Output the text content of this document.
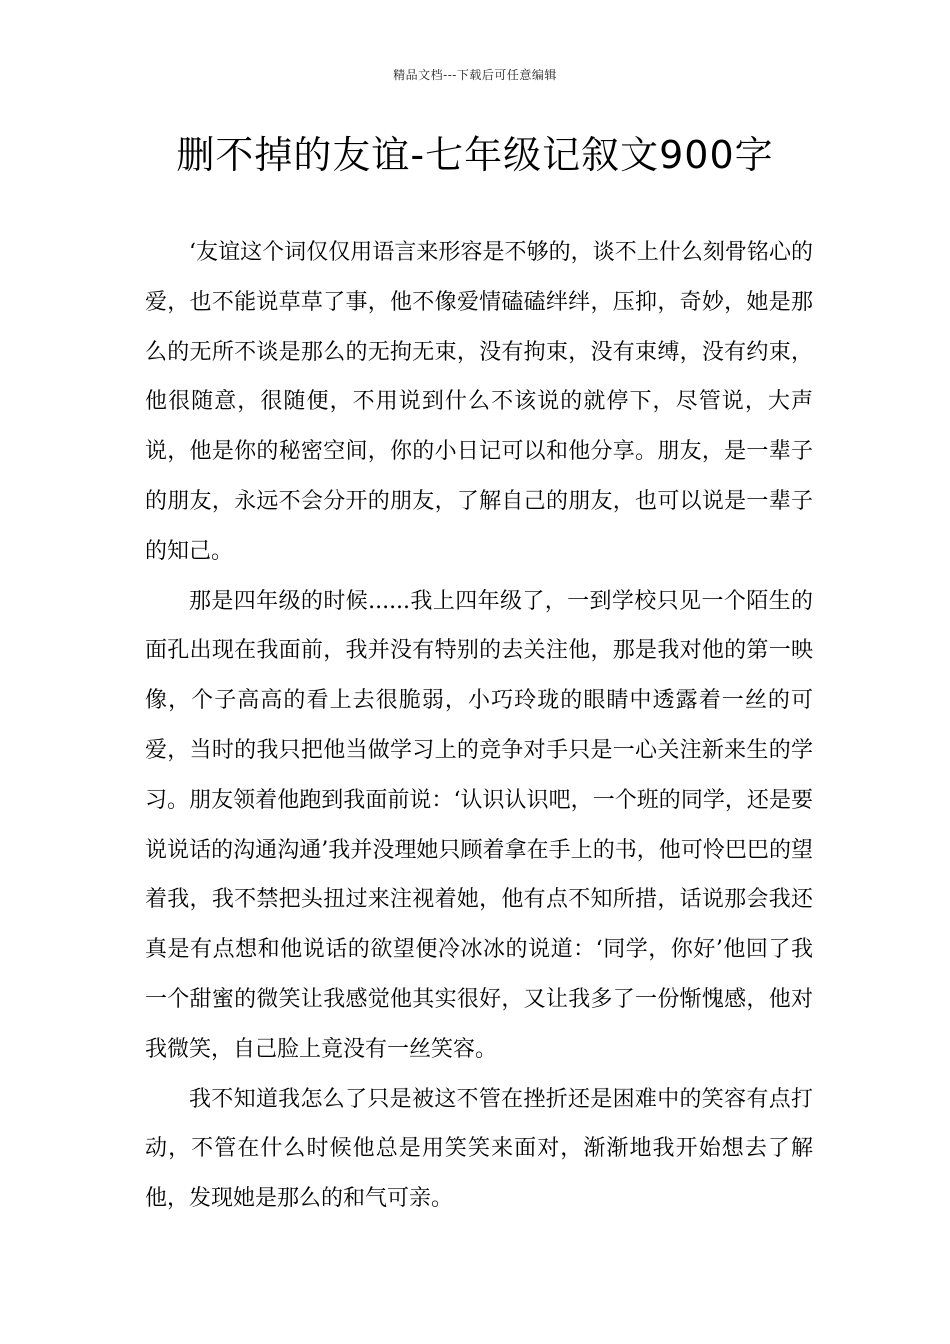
精品文档---下载后可任意编辑
删不掉的友谊-七年级记叙文900字

‘友谊这个词仅仅用语言来形容是不够的，谈不上什么刻骨铭心的爱，也不能说草草了事，他不像爱情磕磕绊绊，压抑，奇妙，她是那么的无所不谈是那么的无拘无束，没有拘束，没有束缚，没有约束，他很随意，很随便，不用说到什么不该说的就停下，尽管说，大声说，他是你的秘密空间，你的小日记可以和他分享。朋友，是一辈子的朋友，永远不会分开的朋友，了解自己的朋友，也可以说是一辈子的知己。

那是四年级的时候......我上四年级了，一到学校只见一个陌生的面孔出现在我面前，我并没有特别的去关注他，那是我对他的第一映像，个子高高的看上去很脆弱，小巧玲珑的眼睛中透露着一丝的可爱，当时的我只把他当做学习上的竞争对手只是一心关注新来生的学习。朋友领着他跑到我面前说：‘认识认识吧，一个班的同学，还是要说说话的沟通沟通’我并没理她只顾着拿在手上的书，他可怜巴巴的望着我，我不禁把头扭过来注视着她，他有点不知所措，话说那会我还真是有点想和他说话的欲望便冷冰冰的说道：‘同学，你好’他回了我一个甜蜜的微笑让我感觉他其实很好，又让我多了一份惭愧感，他对我微笑，自己脸上竟没有一丝笑容。

我不知道我怎么了只是被这不管在挫折还是困难中的笑容有点打动，不管在什么时候他总是用笑笑来面对，渐渐地我开始想去了解他，发现她是那么的和气可亲。
